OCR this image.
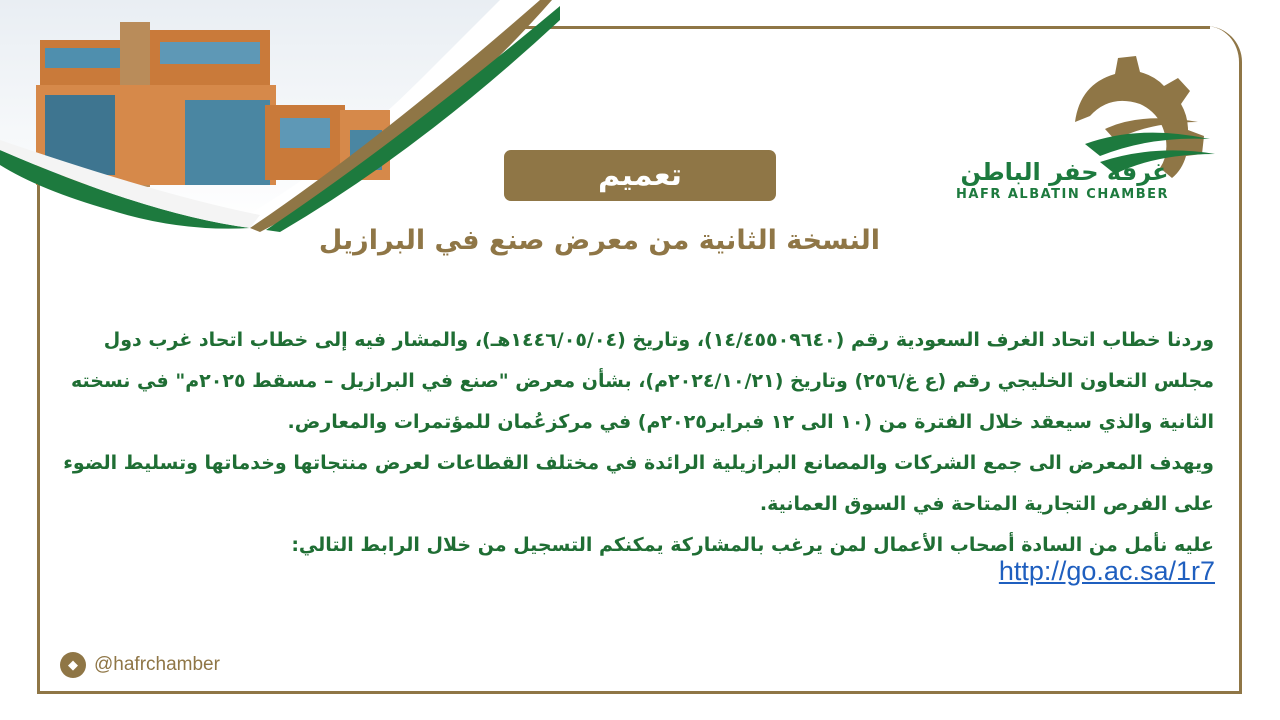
تعميم
النسخة الثانية من معرض صنع في البرازيل
غرفة حفر الباطن
HAFR ALBATIN CHAMBER

وردنا خطاب اتحاد الغرف السعودية رقم (١٤/٤٥٥٠٩٦٤٠)، وتاريخ (١٤٤٦/٠٥/٠٤هـ)، والمشار فيه إلى خطاب اتحاد غرب دول مجلس التعاون الخليجي رقم (ع غ/٢٥٦) وتاريخ (٢٠٢٤/١٠/٢١م)، بشأن معرض "صنع في البرازيل – مسقط ٢٠٢٥م" في نسخته الثانية والذي سيعقد خلال الفترة من (١٠ الى ١٢ فبراير٢٠٢٥م) في مركزعُمان للمؤتمرات والمعارض.

ويهدف المعرض الى جمع الشركات والمصانع البرازيلية الرائدة في مختلف القطاعات لعرض منتجاتها وخدماتها وتسليط الضوء على الفرص التجارية المتاحة في السوق العمانية.

عليه نأمل من السادة أصحاب الأعمال لمن يرغب بالمشاركة يمكنكم التسجيل من خلال الرابط التالي:

http://go.ac.sa/1r7
◆ @hafrchamber
